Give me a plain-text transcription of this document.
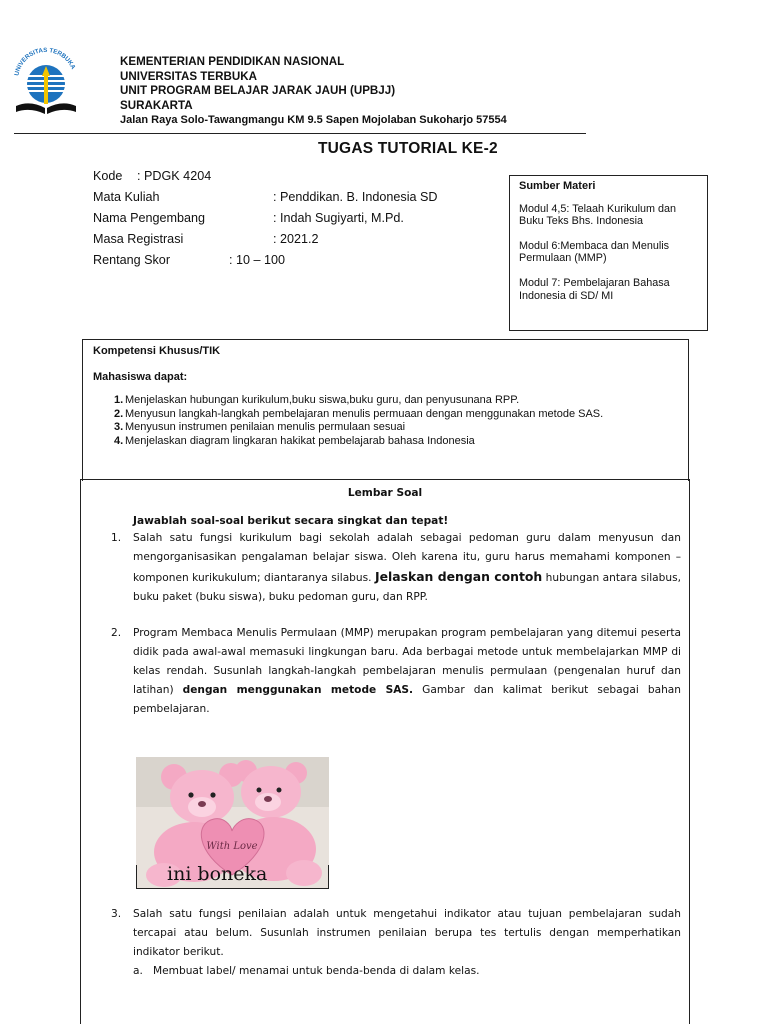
UNIVERSITAS TERBUKA	KEMENTERIAN PENDIDIKAN NASIONAL
UNIVERSITAS TERBUKA
UNIT PROGRAM BELAJAR JARAK JAUH (UPBJJ)
SURAKARTA
Jalan Raya Solo-Tawangmangu KM 9.5 Sapen Mojolaban Sukoharjo 57554
TUGAS TUTORIAL KE-2
Kode : PDGK 4204
Mata Kuliah	: Penddikan. B. Indonesia SD
Nama Pengembang	: Indah Sugiyarti, M.Pd.
Masa Registrasi	: 2021.2
Rentang Skor	: 10 – 100
Sumber Materi

Modul 4,5: Telaah Kurikulum dan Buku Teks Bhs. Indonesia

Modul 6:Membaca dan Menulis Permulaan (MMP)

Modul 7: Pembelajaran Bahasa Indonesia di SD/ MI

Kompetensi Khusus/TIK
Mahasiswa dapat:
1. Menjelaskan hubungan kurikulum,buku siswa,buku guru, dan penyusunana RPP.
2. Menyusun langkah-langkah pembelajaran menulis permuaan dengan menggunakan metode SAS.
3. Menyusun instrumen penilaian menulis permulaan sesuai
4. Menjelaskan diagram lingkaran hakikat pembelajarab bahasa Indonesia
Lembar Soal
Jawablah soal-soal berikut secara singkat dan tepat!
1. Salah satu fungsi kurikulum bagi sekolah adalah sebagai pedoman guru dalam menyusun dan mengorganisasikan pengalaman belajar siswa. Oleh karena itu, guru harus memahami komponen –komponen kurikukulum; diantaranya silabus. Jelaskan dengan contoh hubungan antara silabus, buku paket (buku siswa), buku pedoman guru, dan RPP.
2. Program Membaca Menulis Permulaan (MMP) merupakan program pembelajaran yang ditemui peserta didik pada awal-awal memasuki lingkungan baru. Ada berbagai metode untuk membelajarkan MMP di kelas rendah. Susunlah langkah-langkah pembelajaran menulis permulaan (pengenalan huruf dan latihan) dengan menggunakan metode SAS. Gambar dan kalimat berikut sebagai bahan pembelajaran.
With Love
ini boneka
3. Salah satu fungsi penilaian adalah untuk mengetahui indikator atau tujuan pembelajaran sudah tercapai atau belum. Susunlah instrumen penilaian berupa tes tertulis dengan memperhatikan indikator berikut.
a. Membuat label/ menamai untuk benda-benda di dalam kelas.
